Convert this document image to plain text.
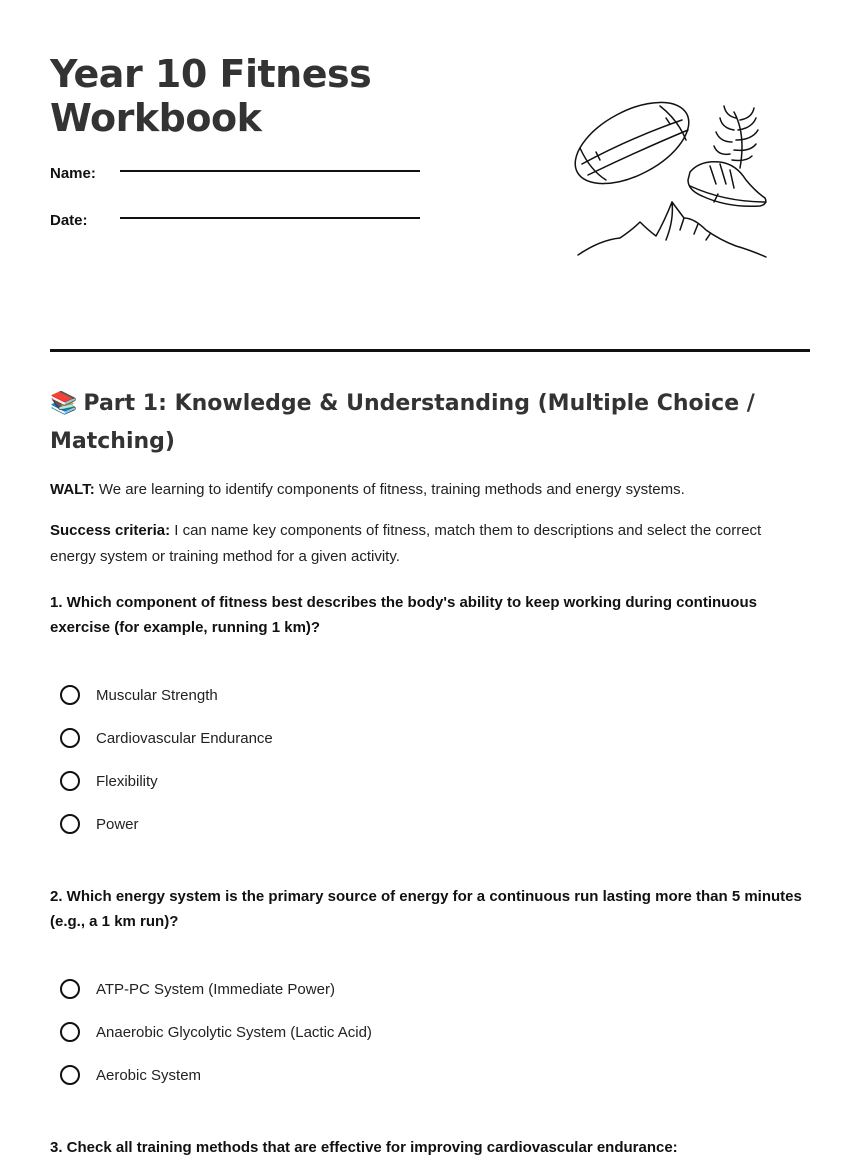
Year 10 Fitness
Workbook
Name:
Date:
📚 Part 1: Knowledge & Understanding (Multiple Choice / Matching)

WALT: We are learning to identify components of fitness, training methods and energy systems.

Success criteria: I can name key components of fitness, match them to descriptions and select the correct energy system or training method for a given activity.

1. Which component of fitness best describes the body's ability to keep working during continuous exercise (for example, running 1 km)?

Muscular Strength
Cardiovascular Endurance
Flexibility
Power

2. Which energy system is the primary source of energy for a continuous run lasting more than 5 minutes (e.g., a 1 km run)?

ATP-PC System (Immediate Power)
Anaerobic Glycolytic System (Lactic Acid)
Aerobic System

3. Check all training methods that are effective for improving cardiovascular endurance:
